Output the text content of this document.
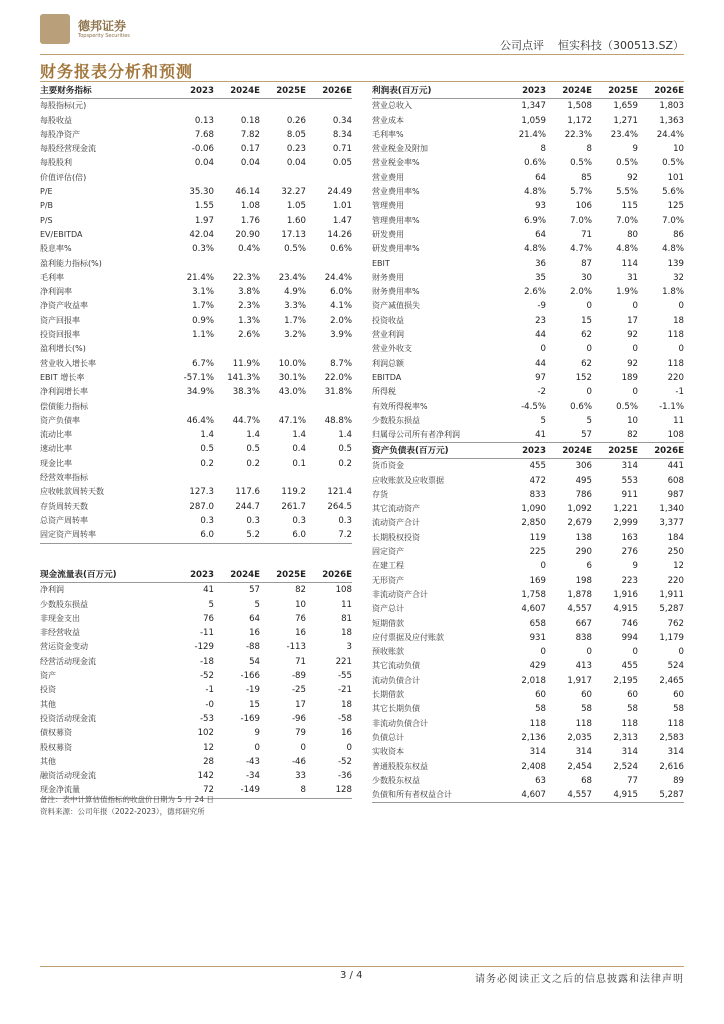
德邦证券
Topsperity Securities
公司点评 恒实科技（300513.SZ）
财务报表分析和预测
主要财务指标	2023	2024E	2025E	2026E
每股指标(元)				
每股收益	0.13	0.18	0.26	0.34
每股净资产	7.68	7.82	8.05	8.34
每股经营现金流	-0.06	0.17	0.23	0.71
每股股利	0.04	0.04	0.04	0.05
价值评估(倍)				
P/E	35.30	46.14	32.27	24.49
P/B	1.55	1.08	1.05	1.01
P/S	1.97	1.76	1.60	1.47
EV/EBITDA	42.04	20.90	17.13	14.26
股息率%	0.3%	0.4%	0.5%	0.6%
盈利能力指标(%)				
毛利率	21.4%	22.3%	23.4%	24.4%
净利润率	3.1%	3.8%	4.9%	6.0%
净资产收益率	1.7%	2.3%	3.3%	4.1%
资产回报率	0.9%	1.3%	1.7%	2.0%
投资回报率	1.1%	2.6%	3.2%	3.9%
盈利增长(%)				
营业收入增长率	6.7%	11.9%	10.0%	8.7%
EBIT 增长率	-57.1%	141.3%	30.1%	22.0%
净利润增长率	34.9%	38.3%	43.0%	31.8%
偿债能力指标				
资产负债率	46.4%	44.7%	47.1%	48.8%
流动比率	1.4	1.4	1.4	1.4
速动比率	0.5	0.5	0.4	0.5
现金比率	0.2	0.2	0.1	0.2
经营效率指标				
应收帐款周转天数	127.3	117.6	119.2	121.4
存货周转天数	287.0	244.7	261.7	264.5
总资产周转率	0.3	0.3	0.3	0.3
固定资产周转率	6.0	5.2	6.0	7.2
现金流量表(百万元)	2023	2024E	2025E	2026E
净利润	41	57	82	108
少数股东损益	5	5	10	11
非现金支出	76	64	76	81
非经营收益	-11	16	16	18
营运资金变动	-129	-88	-113	3
经营活动现金流	-18	54	71	221
资产	-52	-166	-89	-55
投资	-1	-19	-25	-21
其他	-0	15	17	18
投资活动现金流	-53	-169	-96	-58
债权募资	102	9	79	16
股权募资	12	0	0	0
其他	28	-43	-46	-52
融资活动现金流	142	-34	33	-36
现金净流量	72	-149	8	128
利润表(百万元)	2023	2024E	2025E	2026E
营业总收入	1,347	1,508	1,659	1,803
营业成本	1,059	1,172	1,271	1,363
毛利率%	21.4%	22.3%	23.4%	24.4%
营业税金及附加	8	8	9	10
营业税金率%	0.6%	0.5%	0.5%	0.5%
营业费用	64	85	92	101
营业费用率%	4.8%	5.7%	5.5%	5.6%
管理费用	93	106	115	125
管理费用率%	6.9%	7.0%	7.0%	7.0%
研发费用	64	71	80	86
研发费用率%	4.8%	4.7%	4.8%	4.8%
EBIT	36	87	114	139
财务费用	35	30	31	32
财务费用率%	2.6%	2.0%	1.9%	1.8%
资产减值损失	-9	0	0	0
投资收益	23	15	17	18
营业利润	44	62	92	118
营业外收支	0	0	0	0
利润总额	44	62	92	118
EBITDA	97	152	189	220
所得税	-2	0	0	-1
有效所得税率%	-4.5%	0.6%	0.5%	-1.1%
少数股东损益	5	5	10	11
归属母公司所有者净利润	41	57	82	108
资产负债表(百万元)	2023	2024E	2025E	2026E
货币资金	455	306	314	441
应收账款及应收票据	472	495	553	608
存货	833	786	911	987
其它流动资产	1,090	1,092	1,221	1,340
流动资产合计	2,850	2,679	2,999	3,377
长期股权投资	119	138	163	184
固定资产	225	290	276	250
在建工程	0	6	9	12
无形资产	169	198	223	220
非流动资产合计	1,758	1,878	1,916	1,911
资产总计	4,607	4,557	4,915	5,287
短期借款	658	667	746	762
应付票据及应付账款	931	838	994	1,179
预收账款	0	0	0	0
其它流动负债	429	413	455	524
流动负债合计	2,018	1,917	2,195	2,465
长期借款	60	60	60	60
其它长期负债	58	58	58	58
非流动负债合计	118	118	118	118
负债总计	2,136	2,035	2,313	2,583
实收资本	314	314	314	314
普通股股东权益	2,408	2,454	2,524	2,616
少数股东权益	63	68	77	89
负债和所有者权益合计	4,607	4,557	4,915	5,287
备注：表中计算估值指标的收盘价日期为 5 月 24 日
资料来源：公司年报（2022-2023），德邦研究所
3 / 4	请务必阅读正文之后的信息披露和法律声明
